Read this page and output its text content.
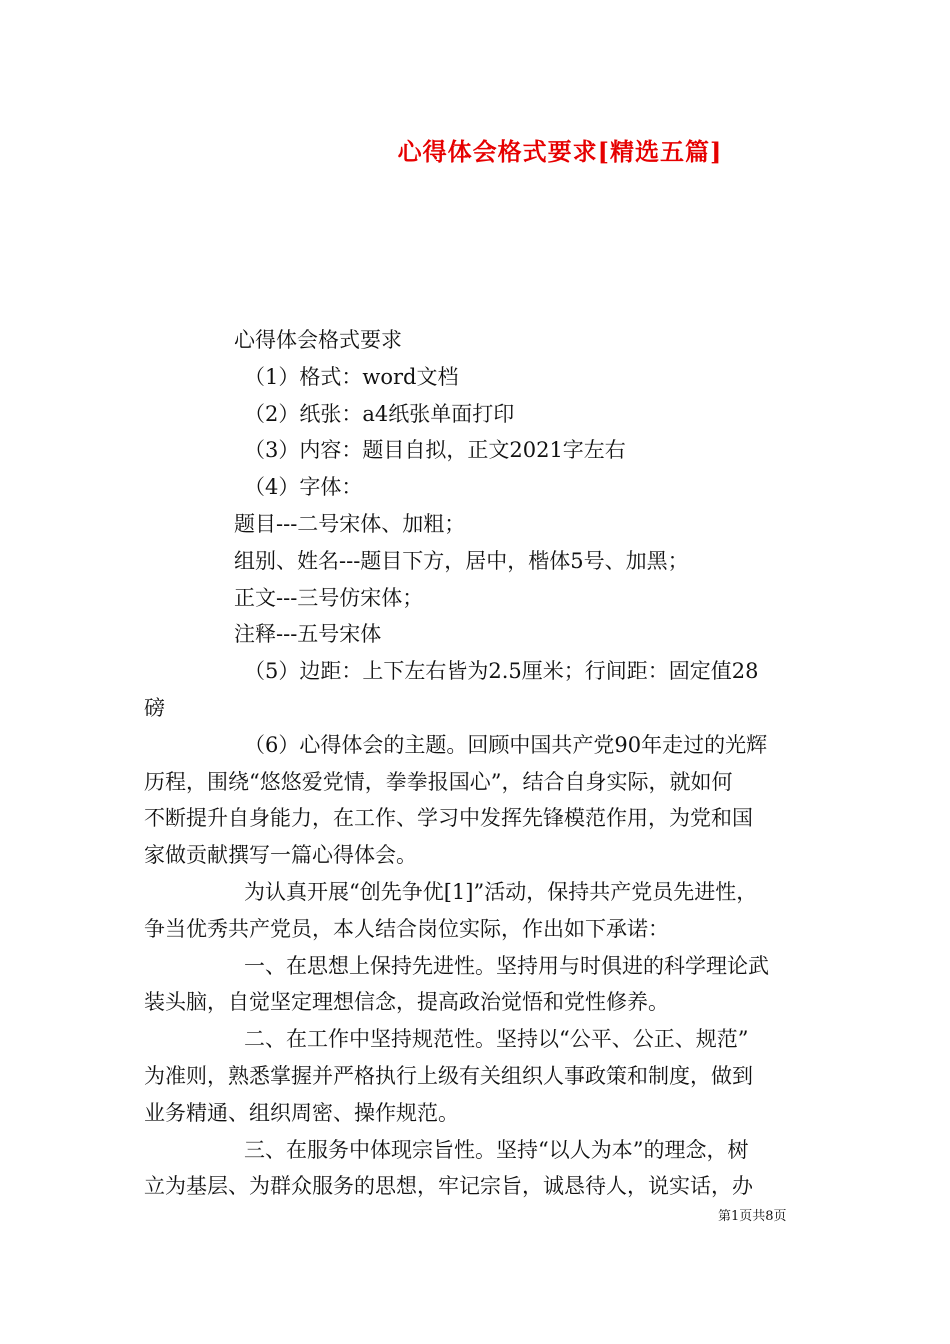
心得体会格式要求[精选五篇]
心得体会格式要求
（1）格式：word文档
（2）纸张：a4纸张单面打印
（3）内容：题目自拟，正文2021字左右
（4）字体：
题目---二号宋体、加粗；
组别、姓名---题目下方，居中，楷体5号、加黑；
正文---三号仿宋体；
注释---五号宋体
（5）边距：上下左右皆为2.5厘米；行间距：固定值28
磅
（6）心得体会的主题。回顾中国共产党90年走过的光辉
历程，围绕“悠悠爱党情，拳拳报国心”，结合自身实际，就如何
不断提升自身能力，在工作、学习中发挥先锋模范作用，为党和国
家做贡献撰写一篇心得体会。
为认真开展“创先争优[1]”活动，保持共产党员先进性，
争当优秀共产党员，本人结合岗位实际，作出如下承诺：
一、在思想上保持先进性。坚持用与时俱进的科学理论武
装头脑，自觉坚定理想信念，提高政治觉悟和党性修养。
二、在工作中坚持规范性。坚持以“公平、公正、规范”
为准则，熟悉掌握并严格执行上级有关组织人事政策和制度，做到
业务精通、组织周密、操作规范。
三、在服务中体现宗旨性。坚持“以人为本”的理念，树
立为基层、为群众服务的思想，牢记宗旨，诚恳待人，说实话，办
第1页共8页
